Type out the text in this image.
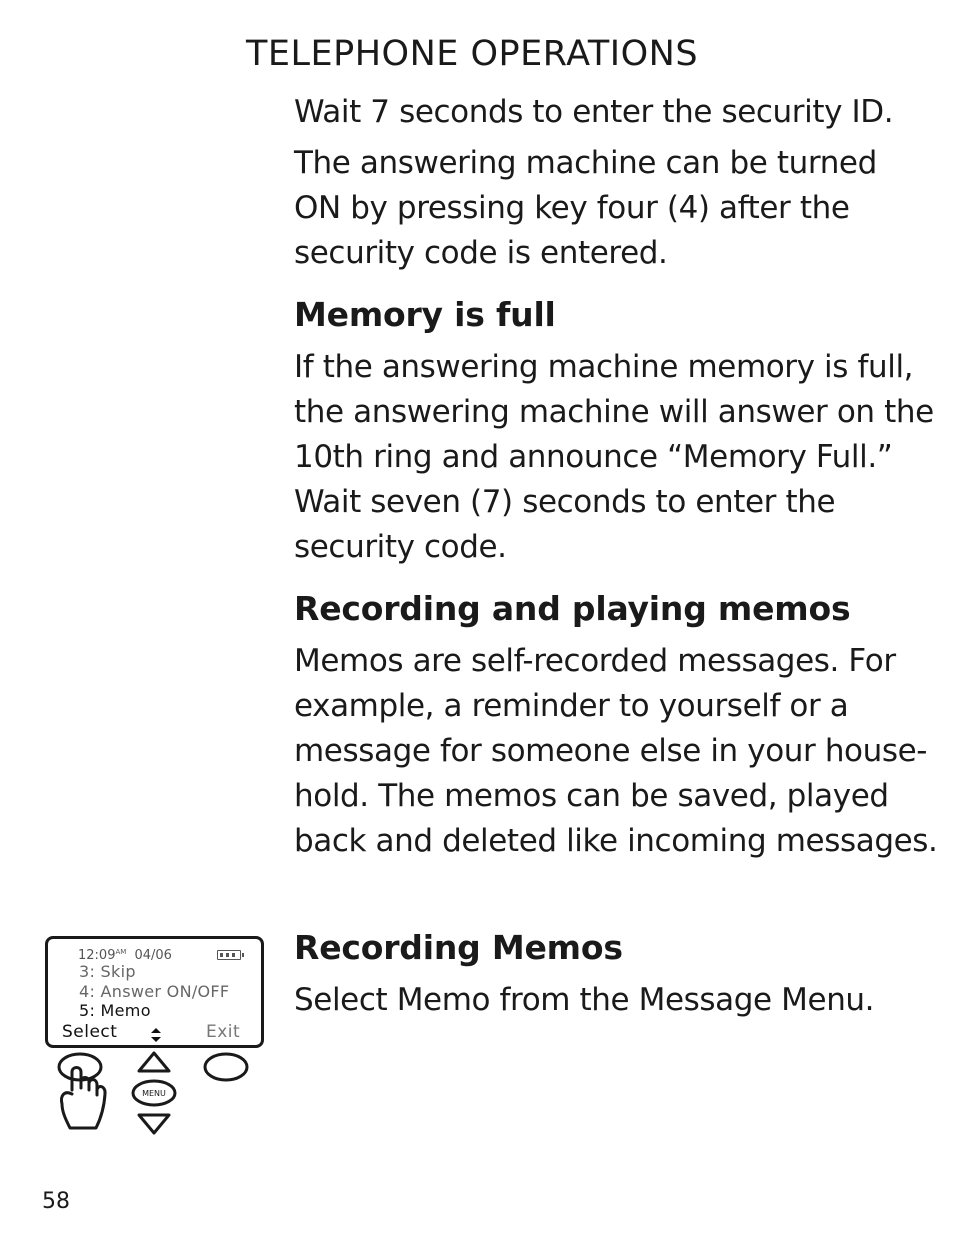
TELEPHONE OPERATIONS

Wait 7 seconds to enter the security ID.

The answering machine can be turned
ON by pressing key four (4) after the
security code is entered.

Memory is full

If the answering machine memory is full,
the answering machine will answer on the
10th ring and announce “Memory Full.”
Wait seven (7) seconds to enter the
security code.

Recording and playing memos

Memos are self-recorded messages. For
example, a reminder to yourself or a
message for someone else in your house-
hold. The memos can be saved, played
back and deleted like incoming messages.

Recording Memos

Select Memo from the Message Menu.

$12:09^{AM}$ 04/06
3: Skip
4: Answer ON/OFF
5: Memo
Select	Exit
MENU
58
